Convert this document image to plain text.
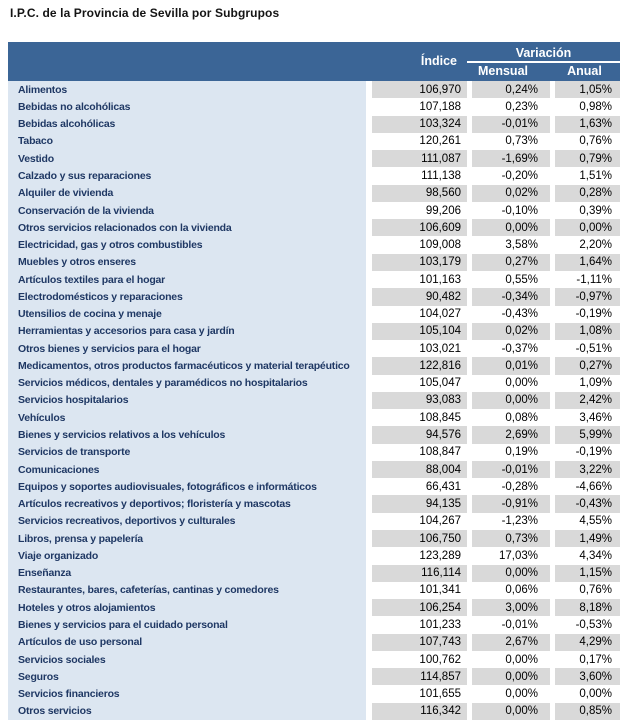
I.P.C. de la Provincia de Sevilla por Subgrupos
Índice
Variación
Mensual	Anual
Alimentos	106,970	0,24%	1,05%
Bebidas no alcohólicas	107,188	0,23%	0,98%
Bebidas alcohólicas	103,324	-0,01%	1,63%
Tabaco	120,261	0,73%	0,76%
Vestido	111,087	-1,69%	0,79%
Calzado y sus reparaciones	111,138	-0,20%	1,51%
Alquiler de vivienda	98,560	0,02%	0,28%
Conservación de la vivienda	99,206	-0,10%	0,39%
Otros servicios relacionados con la vivienda	106,609	0,00%	0,00%
Electricidad, gas y otros combustibles	109,008	3,58%	2,20%
Muebles y otros enseres	103,179	0,27%	1,64%
Artículos textiles para el hogar	101,163	0,55%	-1,11%
Electrodomésticos y reparaciones	90,482	-0,34%	-0,97%
Utensilios de cocina y menaje	104,027	-0,43%	-0,19%
Herramientas y accesorios para casa y jardín	105,104	0,02%	1,08%
Otros bienes y servicios para el hogar	103,021	-0,37%	-0,51%
Medicamentos, otros productos farmacéuticos y material terapéutico	122,816	0,01%	0,27%
Servicios médicos, dentales y paramédicos no hospitalarios	105,047	0,00%	1,09%
Servicios hospitalarios	93,083	0,00%	2,42%
Vehículos	108,845	0,08%	3,46%
Bienes y servicios relativos a los vehículos	94,576	2,69%	5,99%
Servicios de transporte	108,847	0,19%	-0,19%
Comunicaciones	88,004	-0,01%	3,22%
Equipos y soportes audiovisuales, fotográficos e informáticos	66,431	-0,28%	-4,66%
Artículos recreativos y deportivos; floristería y mascotas	94,135	-0,91%	-0,43%
Servicios recreativos, deportivos y culturales	104,267	-1,23%	4,55%
Libros, prensa y papelería	106,750	0,73%	1,49%
Viaje organizado	123,289	17,03%	4,34%
Enseñanza	116,114	0,00%	1,15%
Restaurantes, bares, cafeterías, cantinas y comedores	101,341	0,06%	0,76%
Hoteles y otros alojamientos	106,254	3,00%	8,18%
Bienes y servicios para el cuidado personal	101,233	-0,01%	-0,53%
Artículos de uso personal	107,743	2,67%	4,29%
Servicios sociales	100,762	0,00%	0,17%
Seguros	114,857	0,00%	3,60%
Servicios financieros	101,655	0,00%	0,00%
Otros servicios	116,342	0,00%	0,85%
